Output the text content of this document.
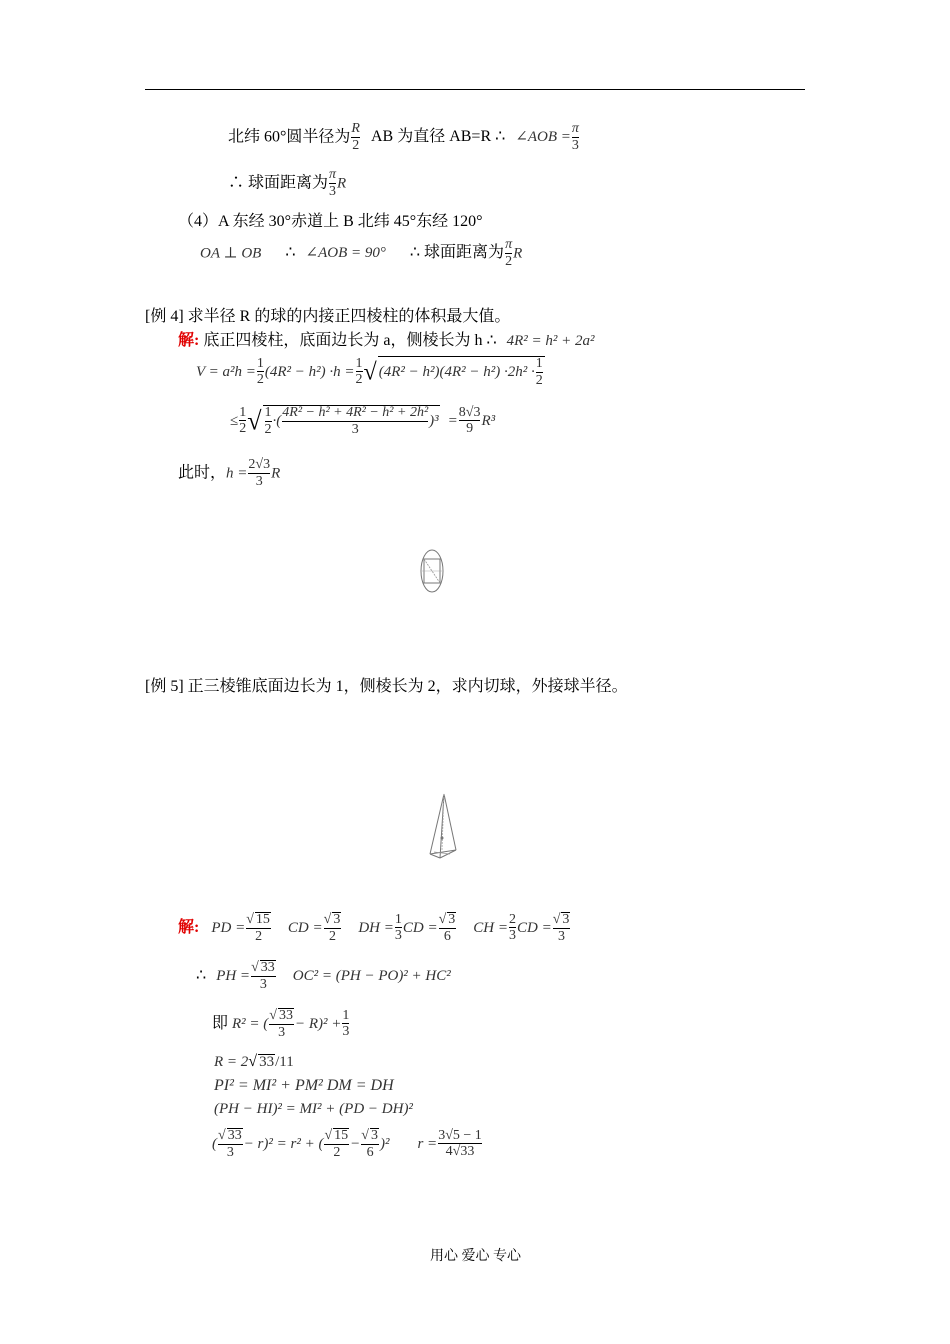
北纬 60°圆半径为 $\frac{R}{2}$ AB 为直径 AB=R ∴ ∠AOB = $\frac{\pi}{3}$
∴ 球面距离为 $\frac{\pi}{3}$ R
（4）A 东经 30°赤道上 B 北纬 45°东经 120°
OA ⊥ OB ∴ ∠AOB = 90° ∴ 球面距离为 $\frac{\pi}{2}$ R
[例 4] 求半径 R 的球的内接正四棱柱的体积最大值。
解: 底正四棱柱，底面边长为 a，侧棱长为 h ∴ 4R² = h² + 2a²
$V = a^2h = \frac{1}{2} (4R^2 - h^2) \cdot h = \frac{1}{2}$ √ $(4R^2 - h^2)(4R^2 - h^2) \cdot 2h^2 \cdot \frac{1}{2}$
≤ $\frac{1}{2}$ √ $\frac{1}{2}$ ·( $\frac{\text{4R² − h² + 4R² − h² + 2h²}}{3} )^3 = \frac{8√3}{9} R^3$
此时，$h = \frac{2√3}{3}$ R
[例 5] 正三棱锥底面边长为 1，侧棱长为 2，求内切球，外接球半径。
解: PD = $\frac{√ 15}{2}$ CD = $\frac{√ 3}{2}$ DH = $\frac{1}{3}$ CD = $\frac{√ 3}{6}$ CH = $\frac{2}{3}$ CD = $\frac{√ 3}{3}$
∴ PH = $\frac{√ 33}{3} OC^2 = (PH - PO)^2 + HC^2$
即 R² = ( $\frac{√ 33}{3} - R)^2 + \frac{1}{3}$
R = 2√ 33/11
PI² = MI² + PM² DM = DH
(PH − HI)² = MI² + (PD − DH)²
( $\frac{√ 33}{3} - r)^2 = r^2$ + ( $\frac{√ 15}{2} - \frac{√ 3}{6} )^2$ $r = \frac{3√5 - 1}{4√33}$
用心 爱心 专心
